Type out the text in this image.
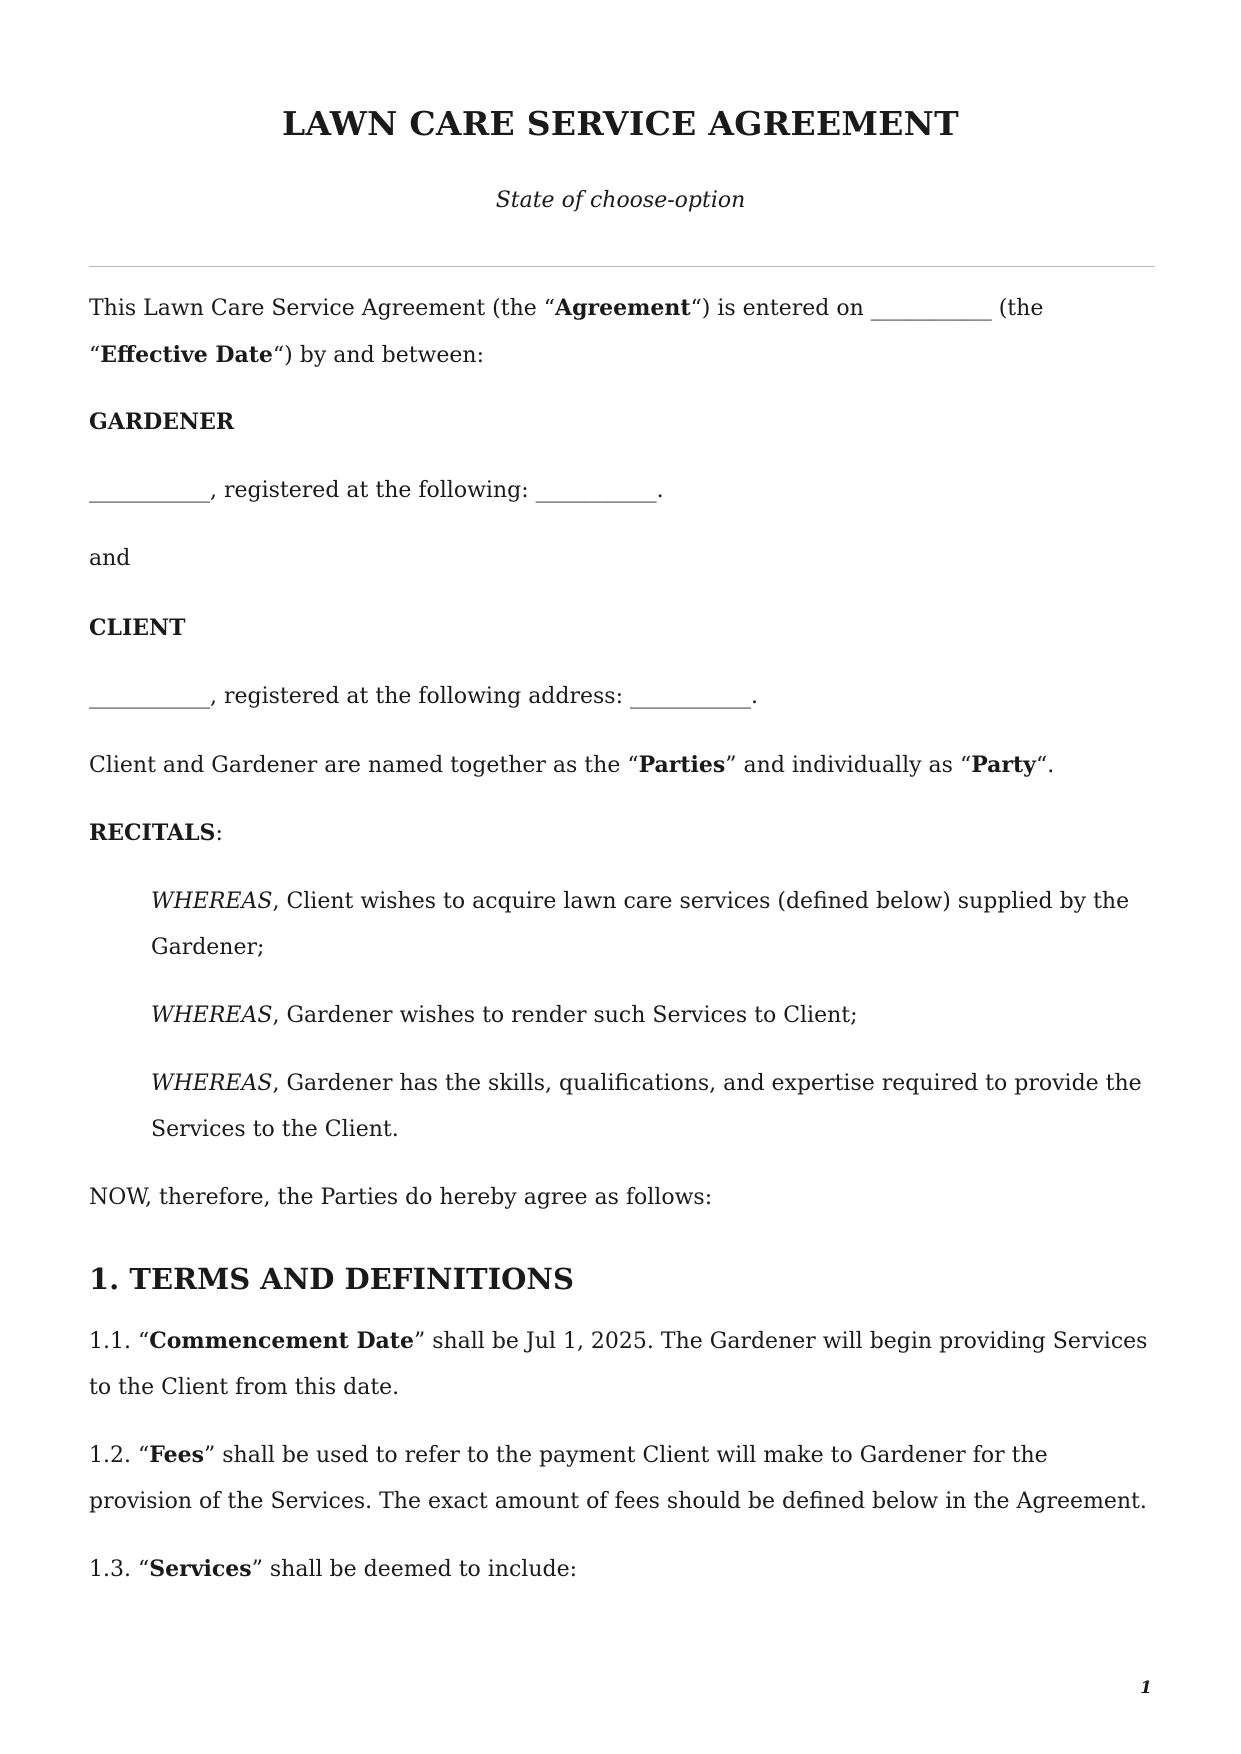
LAWN CARE SERVICE AGREEMENT

State of choose-option

This Lawn Care Service Agreement (the “Agreement“) is entered on ___________ (the “Effective Date“) by and between:

GARDENER

___________, registered at the following: ___________.

and

CLIENT

___________, registered at the following address: ___________.

Client and Gardener are named together as the “Parties” and individually as “Party“.

RECITALS:

WHEREAS, Client wishes to acquire lawn care services (defined below) supplied by the Gardener;

WHEREAS, Gardener wishes to render such Services to Client;

WHEREAS, Gardener has the skills, qualifications, and expertise required to provide the Services to the Client.

NOW, therefore, the Parties do hereby agree as follows:

1. TERMS AND DEFINITIONS

1.1. “Commencement Date” shall be Jul 1, 2025. The Gardener will begin providing Services to the Client from this date.

1.2. “Fees” shall be used to refer to the payment Client will make to Gardener for the provision of the Services. The exact amount of fees should be defined below in the Agreement.

1.3. “Services” shall be deemed to include:

1
